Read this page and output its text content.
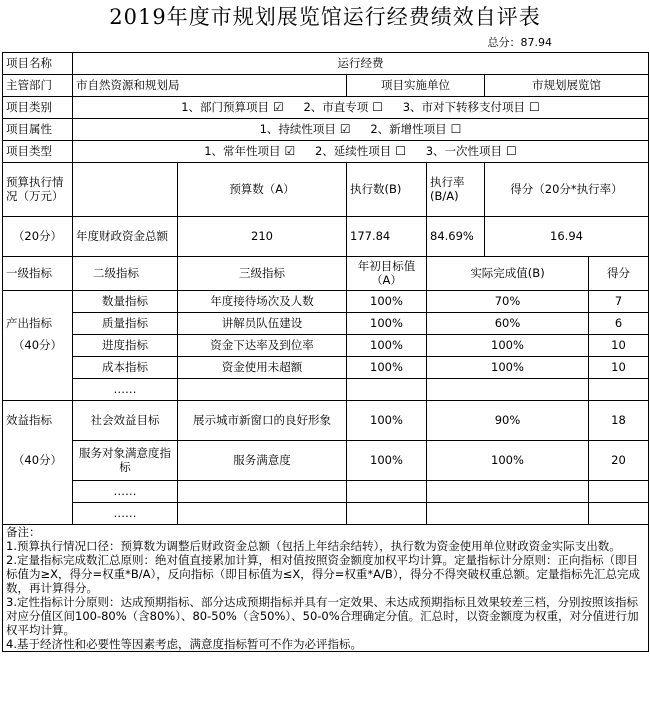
2019年度市规划展览馆运行经费绩效自评表
					总分：87.94	
项目名称	运行经费					
主管部门	市自然资源和规划局		项目实施单位		市规划展览馆	
项目类别	1、部门预算项目 ☑ 2、市直专项 ☐ 3、市对下转移支付项目 ☐					
项目属性	1、持续性项目 ☑ 2、新增性项目 ☐					
项目类型	1、常年性项目 ☑ 2、延续性项目 ☐ 3、一次性项目 ☐					
预算执行情况（万元）		预算数（A）	执行数(B)	执行率(B/A)	得分（20分*执行率）	
（20分）	年度财政资金总额	210	177.84	84.69%	16.94	
一级指标	二级指标	三级指标	年初目标值（A）	实际完成值(B)		得分
	数量指标	年度接待场次及人数	100%	70%		7
产出指标	质量指标	讲解员队伍建设	100%	60%		6
（40分）	进度指标	资金下达率及到位率	100%	100%		10
	成本指标	资金使用未超额	100%	100%		10
	……					
效益指标	社会效益目标	展示城市新窗口的良好形象	100%	90%		18
（40分）	服务对象满意度指标	服务满意度	100%	100%		20
	……					
	……					

备注：

1.预算执行情况口径：预算数为调整后财政资金总额（包括上年结余结转），执行数为资金使用单位财政资金实际支出数。

2.定量指标完成数汇总原则：绝对值直接累加计算，相对值按照资金额度加权平均计算。定量指标计分原则：正向指标（即目标值为≥X，得分=权重*B/A），反向指标（即目标值为≤X，得分=权重*A/B），得分不得突破权重总额。定量指标先汇总完成数，再计算得分。

3.定性指标计分原则：达成预期指标、部分达成预期指标并具有一定效果、未达成预期指标且效果较差三档，分别按照该指标对应分值区间100-80%（含80%）、80-50%（含50%）、50-0%合理确定分值。汇总时，以资金额度为权重，对分值进行加权平均计算。

4.基于经济性和必要性等因素考虑，满意度指标暂可不作为必评指标。						
